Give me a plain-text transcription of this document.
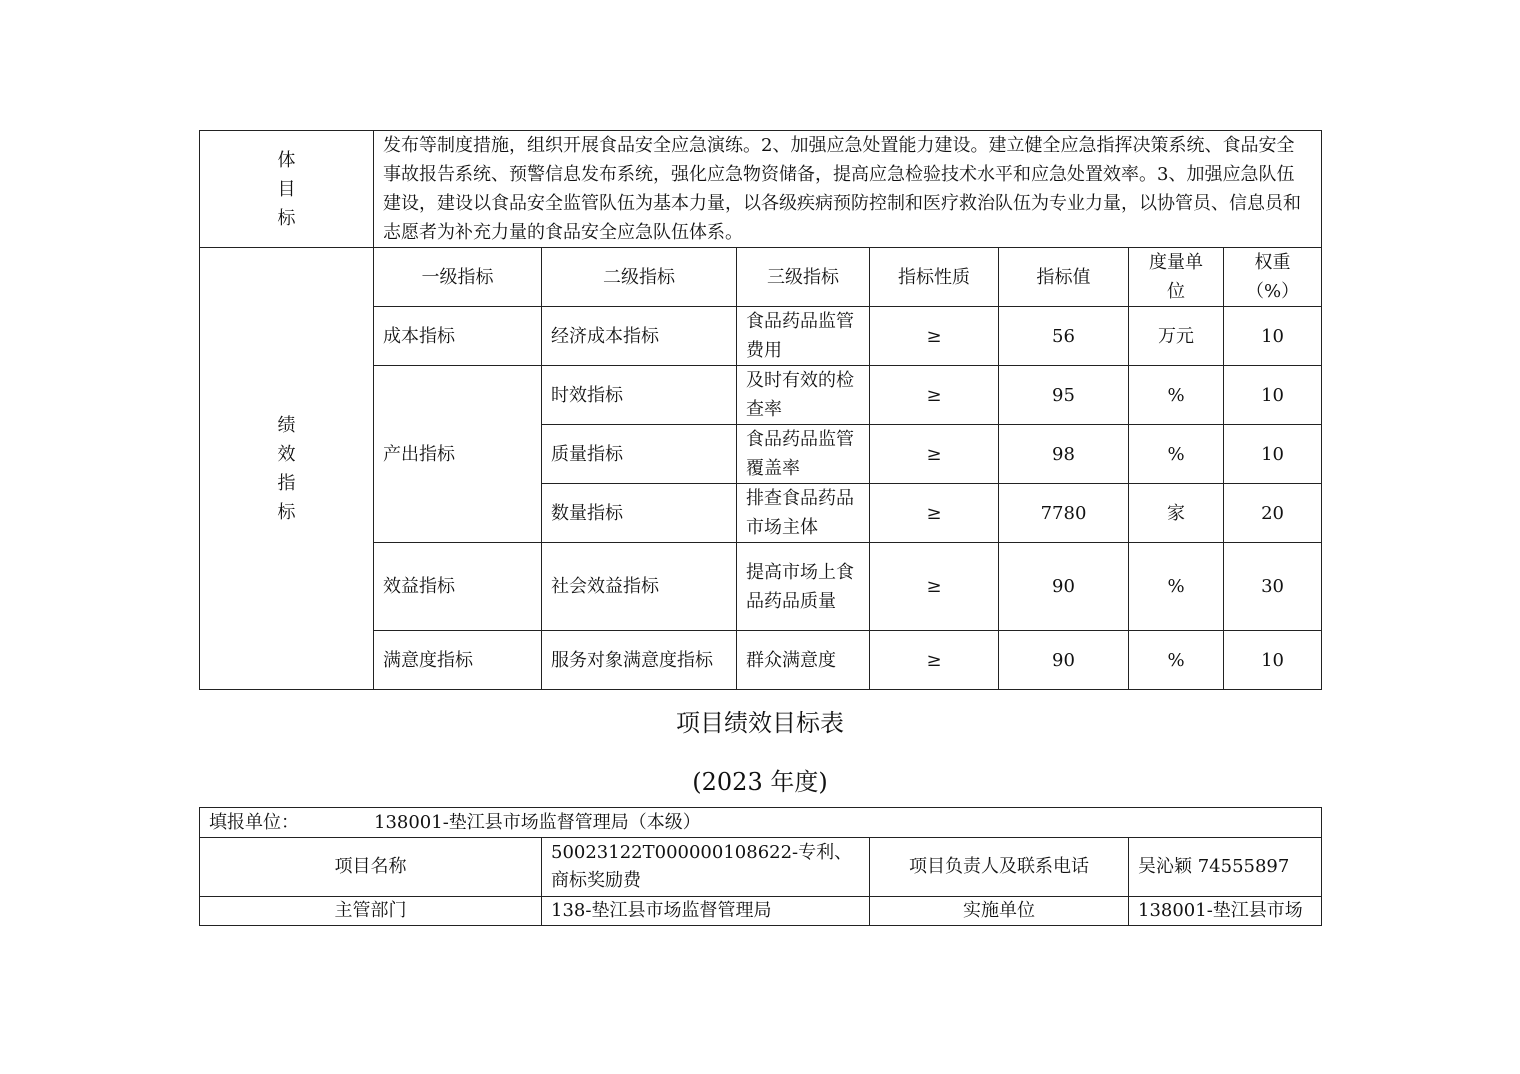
体
目
标	发布等制度措施，组织开展食品安全应急演练。2、加强应急处置能力建设。建立健全应急指挥决策系统、食品安全事故报告系统、预警信息发布系统，强化应急物资储备，提高应急检验技术水平和应急处置效率。3、加强应急队伍建设，建设以食品安全监管队伍为基本力量，以各级疾病预防控制和医疗救治队伍为专业力量，以协管员、信息员和志愿者为补充力量的食品安全应急队伍体系。						

绩
效
指
标	一级指标	二级指标	三级指标	指标性质	指标值	度量单位	权重（%）
	成本指标	经济成本指标	食品药品监管费用	≥	56	万元	10
	产出指标	时效指标	及时有效的检查率	≥	95	%	10
		质量指标	食品药品监管覆盖率	≥	98	%	10
		数量指标	排查食品药品市场主体	≥	7780	家	20
	效益指标	社会效益指标	提高市场上食品药品质量	≥	90	%	30
	满意度指标	服务对象满意度指标	群众满意度	≥	90	%	10
项目绩效目标表
(2023 年度)
填报单位： 138001-垫江县市场监督管理局（本级）			
项目名称	50023122T000000108622-专利、商标奖励费	项目负责人及联系电话	吴沁颖 74555897
主管部门	138-垫江县市场监督管理局	实施单位	138001-垫江县市场
